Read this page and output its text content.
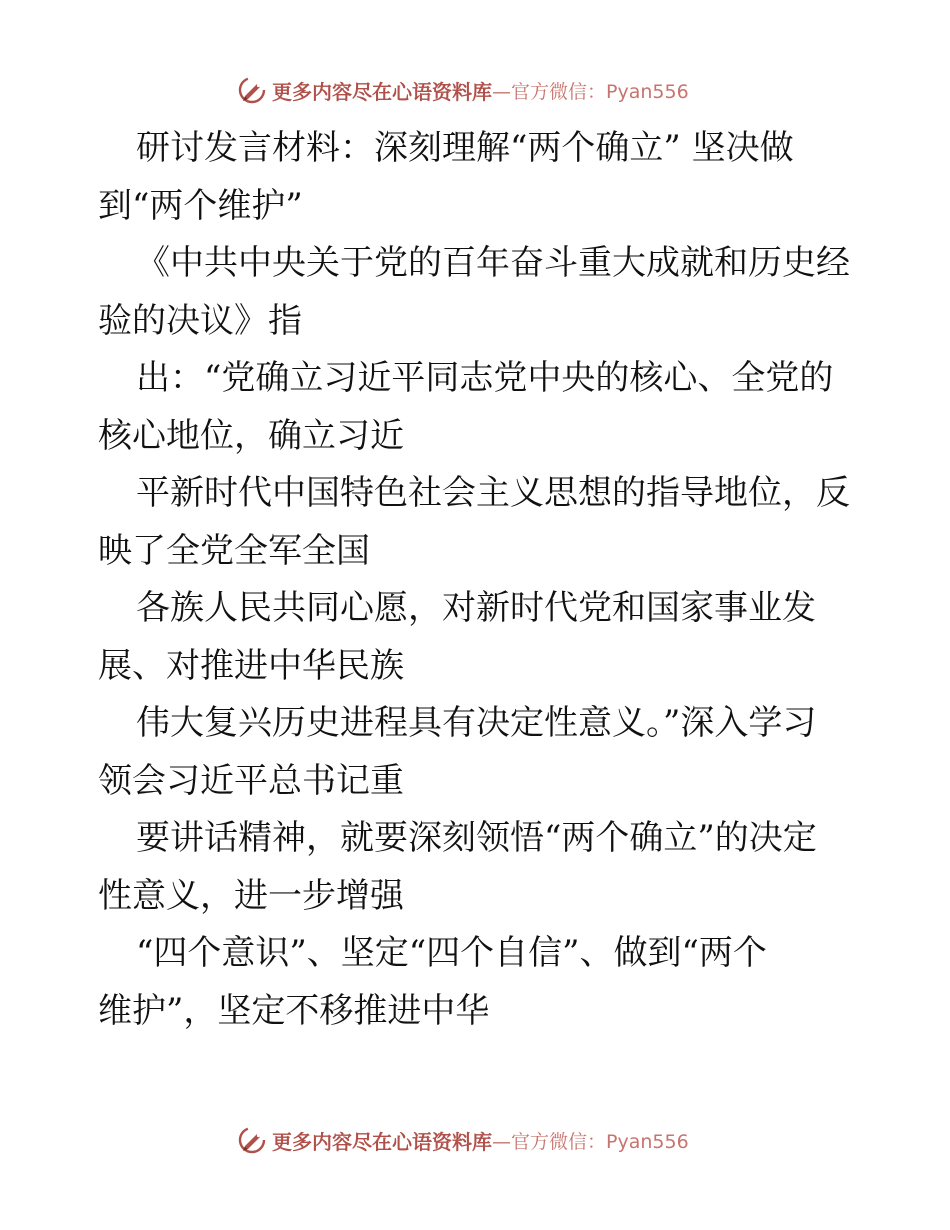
更多内容尽在心语资料库 —官方微信：Pyan556
研讨发言材料：深刻理解“两个确立” 坚决做
到“两个维护”
《中共中央关于党的百年奋斗重大成就和历史经
验的决议》指
出：“党确立习近平同志党中央的核心、全党的
核心地位，确立习近
平新时代中国特色社会主义思想的指导地位，反
映了全党全军全国
各族人民共同心愿，对新时代党和国家事业发
展、对推进中华民族
伟大复兴历史进程具有决定性意义。”深入学习
领会习近平总书记重
要讲话精神，就要深刻领悟“两个确立”的决定
性意义，进一步增强
“四个意识”、坚定“四个自信”、做到“两个
维护”，坚定不移推进中华
更多内容尽在心语资料库 —官方微信：Pyan556
